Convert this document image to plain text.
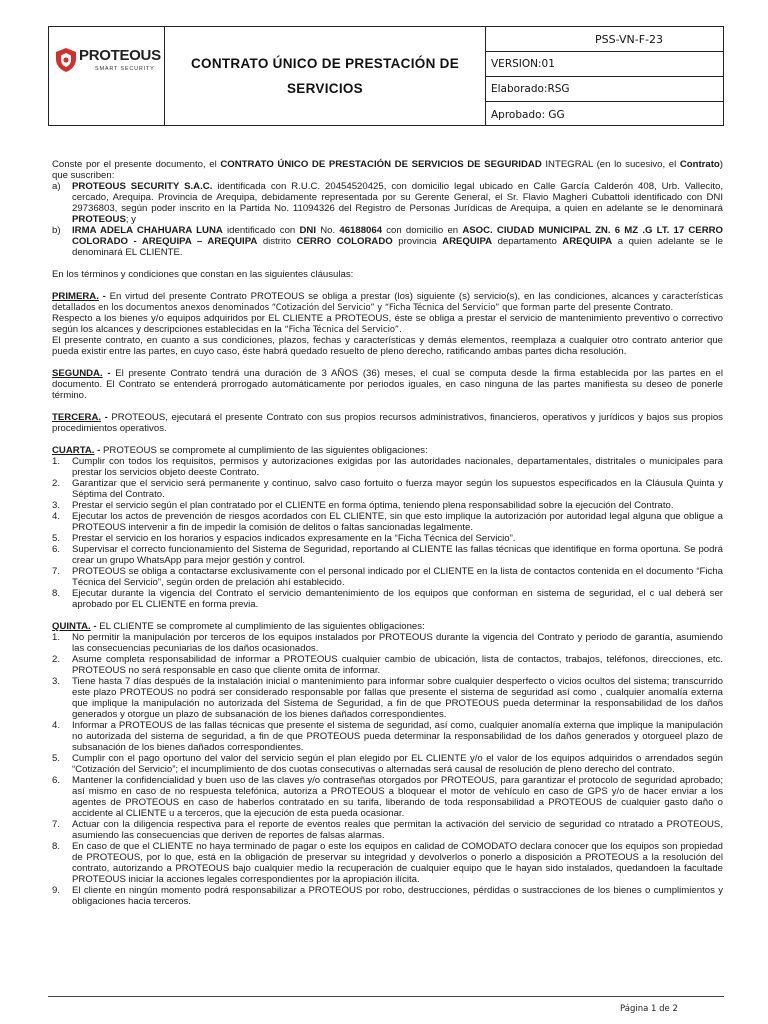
PROTEOUS
SMART SECURITY	CONTRATO ÚNICO DE PRESTACIÓN DE
SERVICIOS
PSS-VN-F-23
VERSION:01
Elaborado:RSG
Aprobado: GG

Conste por el presente documento, el CONTRATO ÚNICO DE PRESTACIÓN DE SERVICIOS DE SEGURIDAD INTEGRAL (en lo sucesivo, el Contrato) que suscriben:

a)	PROTEOUS SECURITY S.A.C. identificada con R.U.C. 20454520425, con domicilio legal ubicado en Calle García Calderón 408, Urb. Vallecito, cercado, Arequipa. Provincia de Arequipa, debidamente representada por su Gerente General, el Sr. Flavio Magheri Cubattoli identificado con DNI 29736803, según poder inscrito en la Partida No. 11094326 del Registro de Personas Jurídicas de Arequipa, a quien en adelante se le denominará PROTEOUS; y
b)	IRMA ADELA CHAHUARA LUNA identificado con DNI No. 46188064 con domicilio en ASOC. CIUDAD MUNICIPAL ZN. 6 MZ .G LT. 17 CERRO COLORADO - AREQUIPA – AREQUIPA distrito CERRO COLORADO provincia AREQUIPA departamento AREQUIPA a quien adelante se le denominará EL CLIENTE.

En los términos y condiciones que constan en las siguientes cláusulas:

PRIMERA. - En virtud del presente Contrato PROTEOUS se obliga a prestar (los) siguiente (s) servicio(s), en las condiciones, alcances y características detallados en los documentos anexos denominados “Cotización del Servicio” y “Ficha Técnica del Servicio” que forman parte del presente Contrato.

Respecto a los bienes y/o equipos adquiridos por EL CLIENTE a PROTEOUS, éste se obliga a prestar el servicio de mantenimiento preventivo o correctivo según los alcances y descripciones establecidas en la “Ficha Técnica del Servicio”.

El presente contrato, en cuanto a sus condiciones, plazos, fechas y características y demás elementos, reemplaza a cualquier otro contrato anterior que pueda existir entre las partes, en cuyo caso, éste habrá quedado resuelto de pleno derecho, ratificando ambas partes dicha resolución.

SEGUNDA. - El presente Contrato tendrá una duración de 3 AÑOS (36) meses, el cual se computa desde la firma establecida por las partes en el documento. El Contrato se entenderá prorrogado automáticamente por periodos iguales, en caso ninguna de las partes manifiesta su deseo de ponerle término.

TERCERA. - PROTEOUS, ejecutará el presente Contrato con sus propios recursos administrativos, financieros, operativos y jurídicos y bajos sus propios procedimientos operativos.

CUARTA. - PROTEOUS se compromete al cumplimiento de las siguientes obligaciones:

1.	Cumplir con todos los requisitos, permisos y autorizaciones exigidas por las autoridades nacionales, departamentales, distritales o municipales para prestar los servicios objeto deeste Contrato.
2.	Garantizar que el servicio será permanente y continuo, salvo caso fortuito o fuerza mayor según los supuestos especificados en la Cláusula Quinta y Séptima del Contrato.
3.	Prestar el servicio según el plan contratado por el CLIENTE en forma óptima, teniendo plena responsabilidad sobre la ejecución del Contrato.
4.	Ejecutar los actos de prevención de riesgos acordados con EL CLIENTE, sin que esto implique la autorización por autoridad legal alguna que obligue a PROTEOUS intervenir a fin de impedir la comisión de delitos o faltas sancionadas legalmente.
5.	Prestar el servicio en los horarios y espacios indicados expresamente en la “Ficha Técnica del Servicio”.
6.	Supervisar el correcto funcionamiento del Sistema de Seguridad, reportando al CLIENTE las fallas técnicas que identifique en forma oportuna. Se podrá crear un grupo WhatsApp para mejor gestión y control.
7.	PROTEOUS se obliga a contactarse exclusivamente con el personal indicado por el CLIENTE en la lista de contactos contenida en el documento “Ficha Técnica del Servicio”, según orden de prelación ahí establecido.
8.	Ejecutar durante la vigencia del Contrato el servicio demantenimiento de los equipos que conforman en sistema de seguridad, el c ual deberá ser aprobado por EL CLIENTE en forma previa.

QUINTA. - EL CLIENTE se compromete al cumplimiento de las siguientes obligaciones:

1.	No permitir la manipulación por terceros de los equipos instalados por PROTEOUS durante la vigencia del Contrato y periodo de garantía, asumiendo las consecuencias pecuniarias de los daños ocasionados.
2.	Asume completa responsabilidad de informar a PROTEOUS cualquier cambio de ubicación, lista de contactos, trabajos, teléfonos, direcciones, etc. PROTEOUS no será responsable en caso que cliente omita de informar.
3.	Tiene hasta 7 días después de la instalación inicial o mantenimiento para informar sobre cualquier desperfecto o vicios ocultos del sistema; transcurrido este plazo PROTEOUS no podrá ser considerado responsable por fallas que presente el sistema de seguridad así como , cualquier anomalía externa que implique la manipulación no autorizada del Sistema de Seguridad, a fin de que PROTEOUS pueda determinar la responsabilidad de los daños generados y otorgue un plazo de subsanación de los bienes dañados correspondientes.
4.	Informar a PROTEOUS de las fallas técnicas que presente el sistema de seguridad, así como, cualquier anomalía externa que implique la manipulación no autorizada del sistema de seguridad, a fin de que PROTEOUS pueda determinar la responsabilidad de los daños generados y otorgueel plazo de subsanación de los bienes dañados correspondientes.
5.	Cumplir con el pago oportuno del valor del servicio según el plan elegido por EL CLIENTE y/o el valor de los equipos adquiridos o arrendados según “Cotización del Servicio”; el incumplimiento de dos cuotas consecutivas o alternadas será causal de resolución de pleno derecho del contrato.
6.	Mantener la confidencialidad y buen uso de las claves y/o contraseñas otorgados por PROTEOUS, para garantizar el protocolo de seguridad aprobado; así mismo en caso de no respuesta telefónica, autoriza a PROTEOUS a bloquear el motor de vehículo en caso de GPS y/o de hacer enviar a los agentes de PROTEOUS en caso de haberlos contratado en su tarifa, liberando de toda responsabilidad a PROTEOUS de cualquier gasto daño o accidente al CLIENTE u a terceros, que la ejecución de esta pueda ocasionar.
7.	Actuar con la diligencia respectiva para el reporte de eventos reales que permitan la activación del servicio de seguridad co ntratado a PROTEOUS, asumiendo las consecuencias que deriven de reportes de falsas alarmas.
8.	En caso de que el CLIENTE no haya terminado de pagar o este los equipos en calidad de COMODATO declara conocer que los equipos son propiedad de PROTEOUS, por lo que, está en la obligación de preservar su integridad y devolverlos o ponerlo a disposición a PROTEOUS a la resolución del contrato, autorizando a PROTEOUS bajo cualquier medio la recuperación de cualquier equipo que le hayan sido instalados, quedandoen la facultade PROTEOUS iniciar la acciones legales correspondientes por la apropiación ilícita.
9.	El cliente en ningún momento podrá responsabilizar a PROTEOUS por robo, destrucciones, pérdidas o sustracciones de los bienes o cumplimientos y obligaciones hacia terceros.
Página 1 de 2
